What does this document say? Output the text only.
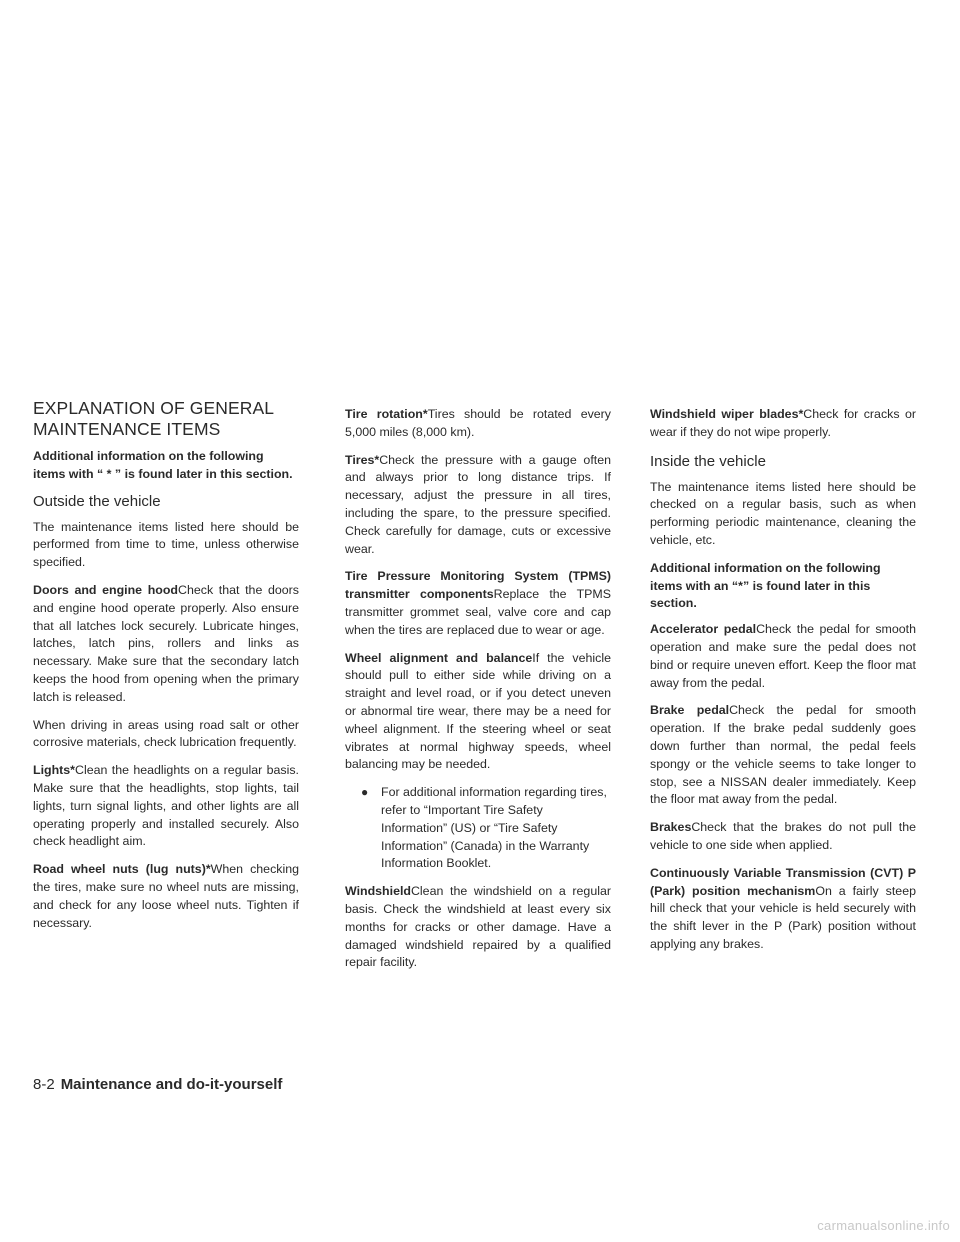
EXPLANATION OF GENERAL MAINTENANCE ITEMS
Additional information on the following items with “ * ” is found later in this section.
Outside the vehicle

The maintenance items listed here should be performed from time to time, unless otherwise specified.

Doors and engine hoodCheck that the doors and engine hood operate properly. Also ensure that all latches lock securely. Lubricate hinges, latches, latch pins, rollers and links as necessary. Make sure that the secondary latch keeps the hood from opening when the primary latch is released.

When driving in areas using road salt or other corrosive materials, check lubrication frequently.

Lights*Clean the headlights on a regular basis. Make sure that the headlights, stop lights, tail lights, turn signal lights, and other lights are all operating properly and installed securely. Also check headlight aim.

Road wheel nuts (lug nuts)*When checking the tires, make sure no wheel nuts are missing, and check for any loose wheel nuts. Tighten if necessary.

Tire rotation*Tires should be rotated every 5,000 miles (8,000 km).

Tires*Check the pressure with a gauge often and always prior to long distance trips. If necessary, adjust the pressure in all tires, including the spare, to the pressure specified. Check carefully for damage, cuts or excessive wear.

Tire Pressure Monitoring System (TPMS) transmitter componentsReplace the TPMS transmitter grommet seal, valve core and cap when the tires are replaced due to wear or age.

Wheel alignment and balanceIf the vehicle should pull to either side while driving on a straight and level road, or if you detect uneven or abnormal tire wear, there may be a need for wheel alignment. If the steering wheel or seat vibrates at normal highway speeds, wheel balancing may be needed.

● For additional information regarding tires, refer to “Important Tire Safety Information” (US) or “Tire Safety Information” (Canada) in the Warranty Information Booklet.

WindshieldClean the windshield on a regular basis. Check the windshield at least every six months for cracks or other damage. Have a damaged windshield repaired by a qualified repair facility.

Windshield wiper blades*Check for cracks or wear if they do not wipe properly.

Inside the vehicle

The maintenance items listed here should be checked on a regular basis, such as when performing periodic maintenance, cleaning the vehicle, etc.

Additional information on the following items with an “*” is found later in this section.

Accelerator pedalCheck the pedal for smooth operation and make sure the pedal does not bind or require uneven effort. Keep the floor mat away from the pedal.

Brake pedalCheck the pedal for smooth operation. If the brake pedal suddenly goes down further than normal, the pedal feels spongy or the vehicle seems to take longer to stop, see a NISSAN dealer immediately. Keep the floor mat away from the pedal.

BrakesCheck that the brakes do not pull the vehicle to one side when applied.

Continuously Variable Transmission (CVT) P (Park) position mechanismOn a fairly steep hill check that your vehicle is held securely with the shift lever in the P (Park) position without applying any brakes.

8-2 Maintenance and do-it-yourself
carmanualsonline.info
